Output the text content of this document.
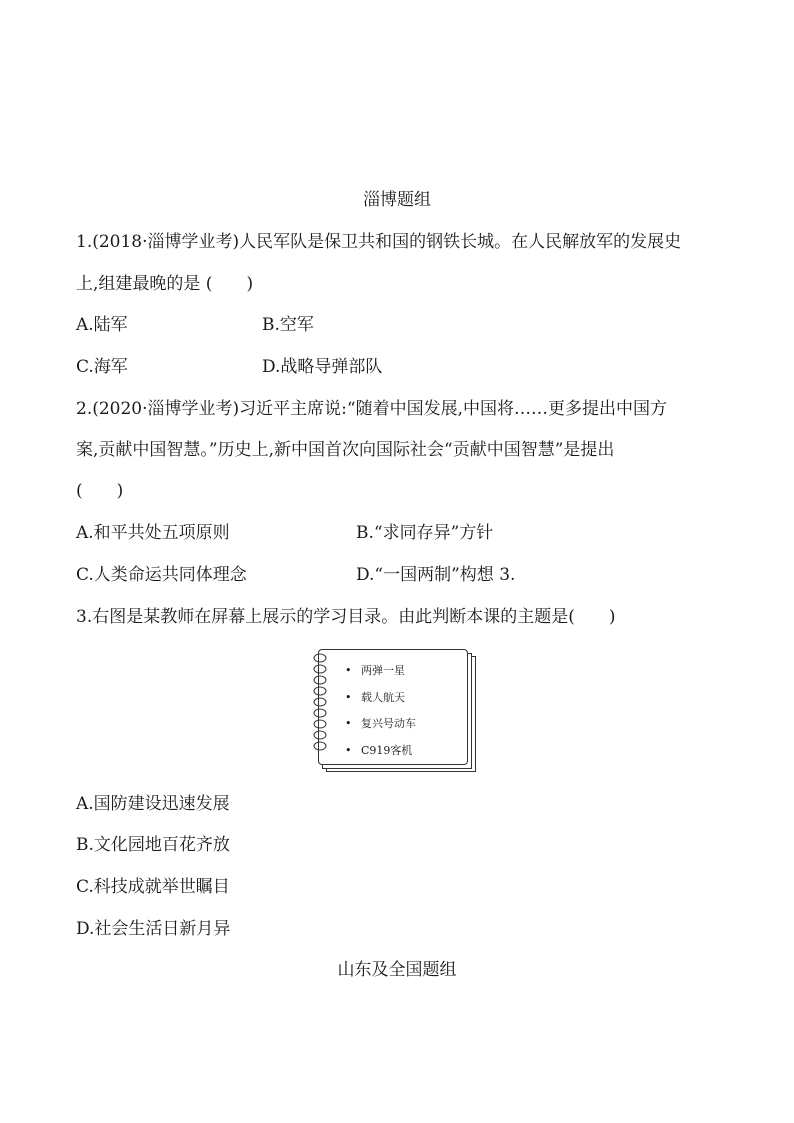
淄博题组
1.(2018·淄博学业考)人民军队是保卫共和国的钢铁长城。在人民解放军的发展史
上,组建最晚的是 (　　)
A.陆军	B.空军
C.海军	D.战略导弹部队
2.(2020·淄博学业考)习近平主席说:“随着中国发展,中国将……更多提出中国方
案,贡献中国智慧。”历史上,新中国首次向国际社会“贡献中国智慧”是提出
(　　)
A.和平共处五项原则	B.“求同存异”方针
C.人类命运共同体理念	D.“一国两制”构想 3.
3.右图是某教师在屏幕上展示的学习目录。由此判断本课的主题是(　　)
• 两弹一星
• 载人航天
• 复兴号动车
• C919客机
A.国防建设迅速发展
B.文化园地百花齐放
C.科技成就举世瞩目
D.社会生活日新月异
山东及全国题组
